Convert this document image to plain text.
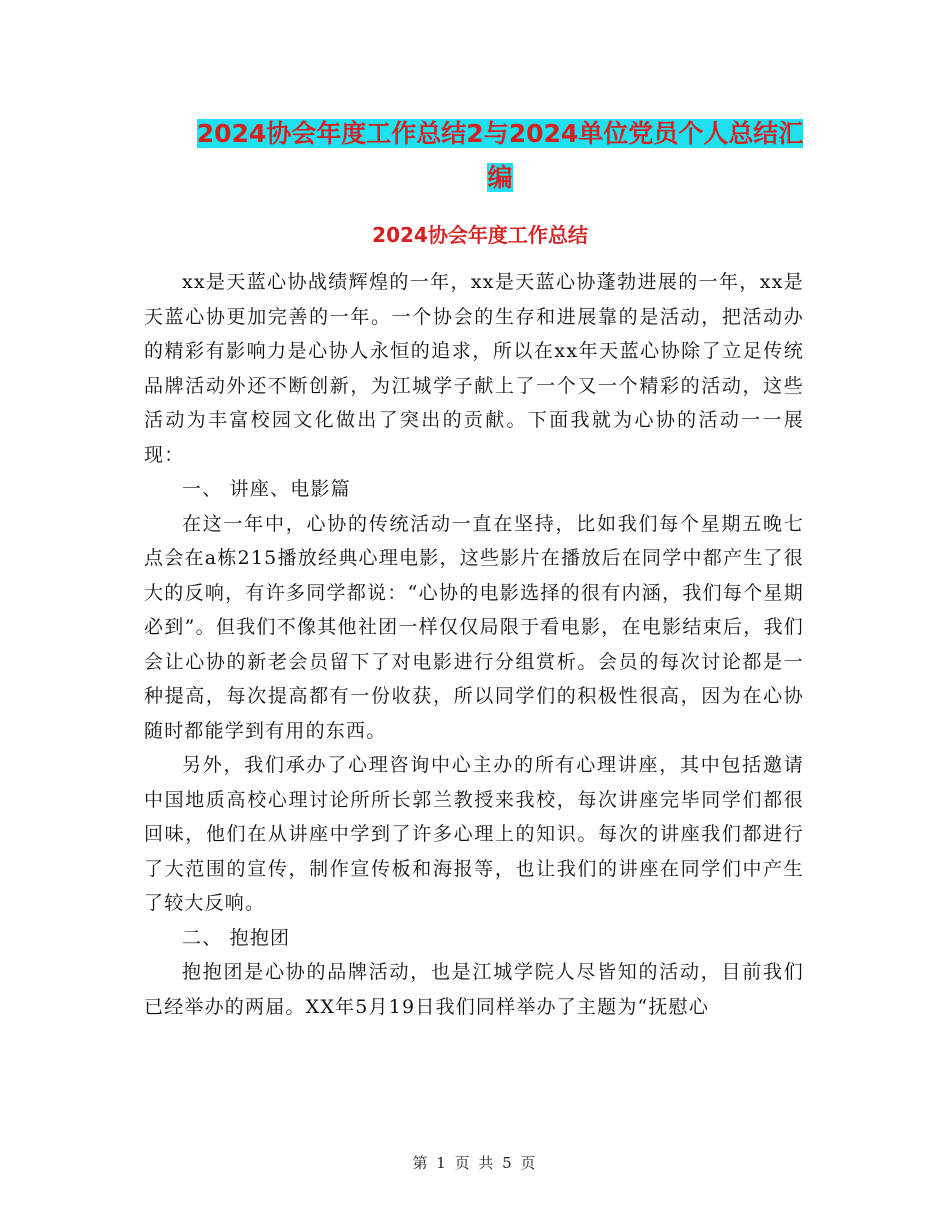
2024协会年度工作总结2与2024单位党员个人总结汇
编
2024协会年度工作总结

xx是天蓝心协战绩辉煌的一年，xx是天蓝心协蓬勃进展的一年，xx是天蓝心协更加完善的一年。一个协会的生存和进展靠的是活动，把活动办的精彩有影响力是心协人永恒的追求，所以在xx年天蓝心协除了立足传统品牌活动外还不断创新，为江城学子献上了一个又一个精彩的活动，这些活动为丰富校园文化做出了突出的贡献。下面我就为心协的活动一一展现：

一、 讲座、电影篇

在这一年中，心协的传统活动一直在坚持，比如我们每个星期五晚七点会在a栋215播放经典心理电影，这些影片在播放后在同学中都产生了很大的反响，有许多同学都说：“心协的电影选择的很有内涵，我们每个星期必到”。但我们不像其他社团一样仅仅局限于看电影，在电影结束后，我们会让心协的新老会员留下了对电影进行分组赏析。会员的每次讨论都是一种提高，每次提高都有一份收获，所以同学们的积极性很高，因为在心协随时都能学到有用的东西。

另外，我们承办了心理咨询中心主办的所有心理讲座，其中包括邀请中国地质高校心理讨论所所长郭兰教授来我校，每次讲座完毕同学们都很回味，他们在从讲座中学到了许多心理上的知识。每次的讲座我们都进行了大范围的宣传，制作宣传板和海报等，也让我们的讲座在同学们中产生了较大反响。

二、 抱抱团

抱抱团是心协的品牌活动，也是江城学院人尽皆知的活动，目前我们已经举办的两届。XX年5月19日我们同样举办了主题为“抚慰心

第 1 页 共 5 页
